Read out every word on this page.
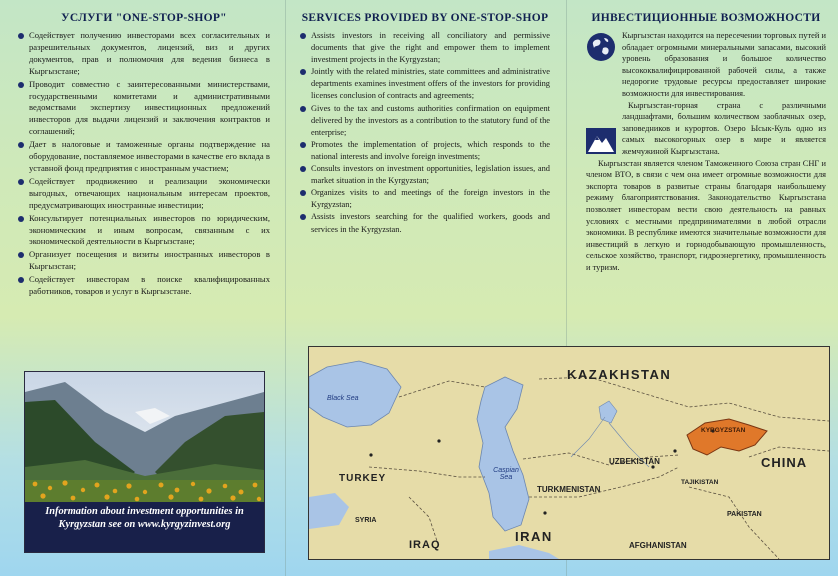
УСЛУГИ "ONE-STOP-SHOP"
Содействует получению инвесторами всех согласительных и разрешительных документов, лицензий, виз и других документов, прав и полномочия для ведения бизнеса в Кыргызстане;
Проводит совместно с заинтересованными министерствами, государственными комитетами и административными ведомствами экспертизу инвестиционных предложений инвесторов для выдачи лицензий и заключения контрактов и соглашений;
Дает в налоговые и таможенные органы подтверждение на оборудование, поставляемое инвесторами в качестве его вклада в уставной фонд предприятия с иностранным участием;
Содействует продвижению и реализации экономически выгодных, отвечающих национальным интересам проектов, предусматривающих иностранные инвестиции;
Консультирует потенциальных инвесторов по юридическим, экономическим и иным вопросам, связанным с их экономической деятельности в Кыргызстане;
Организует посещения и визиты иностранных инвесторов в Кыргызстан;
Содействует инвесторам в поиске квалифицированных работников, товаров и услуг в Кыргызстане.
Information about investment opportunities in Kyrgyzstan see on www.kyrgyzinvest.org
SERVICES PROVIDED BY ONE-STOP-SHOP
Assists investors in receiving all conciliatory and permissive documents that give the right and empower them to implement investment projects in the Kyrgyzstan;
Jointly with the related ministries, state committees and administrative departments examines investment offers of the investors for providing licenses conclusion of contracts and agreements;
Gives to the tax and customs authorities confirmation on equipment delivered by the investors as a contribution to the statutory fund of the enterprise;
Promotes the implementation of projects, which responds to the national interests and involve foreign investments;
Consults investors on investment opportunities, legislation issues, and market situation in the Kyrgyzstan;
Organizes visits to and meetings of the foreign investors in the Kyrgyzstan;
Assists investors searching for the qualified workers, goods and services in the Kyrgyzstan.
KAZAKHSTAN
CHINA
KYRGYZSTAN
UZBEKISTAN
TURKMENISTAN
TAJIKISTAN
TURKEY
IRAN
IRAQ
SYRIA
AFGHANISTAN
PAKISTAN
Black Sea
Caspian Sea
ИНВЕСТИЦИОННЫЕ ВОЗМОЖНОСТИ

Кыргызстан находится на пересечении торговых путей и обладает огромными минеральными запасами, высокий уровень образования и большое количество высококвалифицированной рабочей силы, а также недорогие трудовые ресурсы предоставляет широкие возможности для инвестирования.

Кыргызстан-горная страна с различными ландшафтами, большим количеством заоблачных озер, заповедников и курортов. Озеро Ысык-Куль одно из самых высокогорных озер в мире и является жемчужиной Кыргызстана.

Кыргызстан является членом Таможенного Союза стран СНГ и членом ВТО, в связи с чем она имеет огромные возможности для экспорта товаров в развитые страны благодаря наибольшему режиму благоприятствования. Законодательство Кыргызстана позволяет инвесторам вести свою деятельность на равных условиях с местными предпринимателями в любой отрасли экономики. В республике имеются значительные возможности для инвестиций в легкую и горнодобывающую промышленность, сельское хозяйство, транспорт, гидроэнергетику, промышленность и туризм.
